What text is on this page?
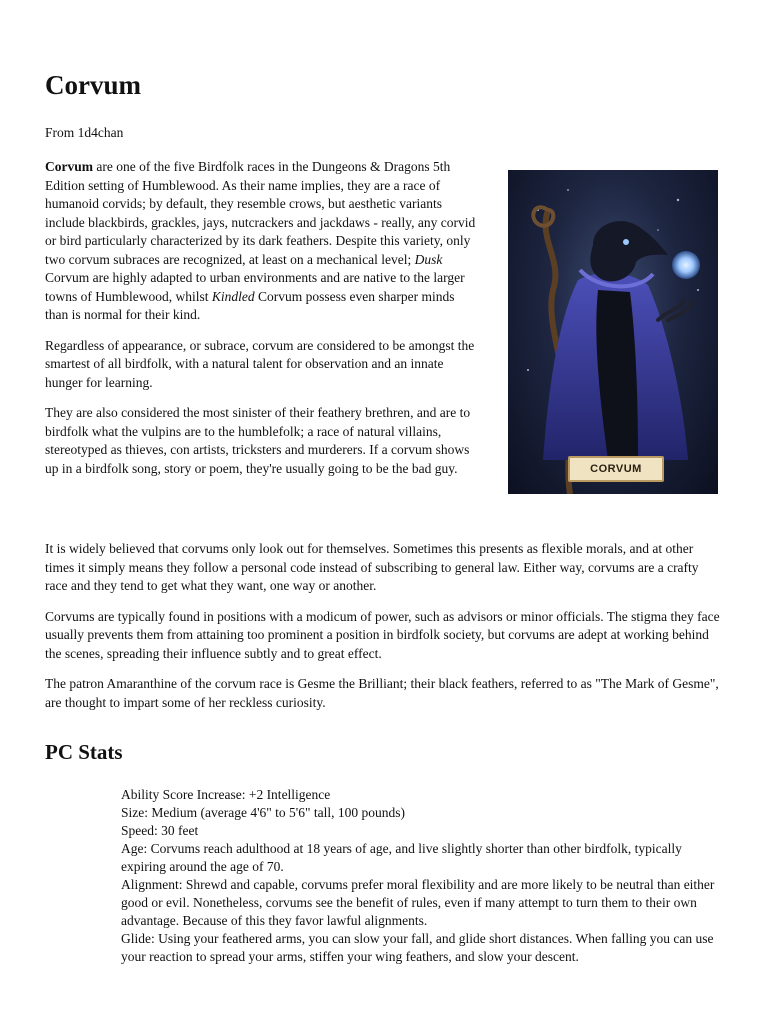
Corvum
From 1d4chan

Corvum are one of the five Birdfolk races in the Dungeons & Dragons 5th Edition setting of Humblewood. As their name implies, they are a race of humanoid corvids; by default, they resemble crows, but aesthetic variants include blackbirds, grackles, jays, nutcrackers and jackdaws - really, any corvid or bird particularly characterized by its dark feathers. Despite this variety, only two corvum subraces are recognized, at least on a mechanical level; Dusk Corvum are highly adapted to urban environments and are native to the larger towns of Humblewood, whilst Kindled Corvum possess even sharper minds than is normal for their kind.

Regardless of appearance, or subrace, corvum are considered to be amongst the smartest of all birdfolk, with a natural talent for observation and an innate hunger for learning.

They are also considered the most sinister of their feathery brethren, and are to birdfolk what the vulpins are to the humblefolk; a race of natural villains, stereotyped as thieves, con artists, tricksters and murderers. If a corvum shows up in a birdfolk song, story or poem, they're usually going to be the bad guy.

It is widely believed that corvums only look out for themselves. Sometimes this presents as flexible morals, and at other times it simply means they follow a personal code instead of subscribing to general law. Either way, corvums are a crafty race and they tend to get what they want, one way or another.

Corvums are typically found in positions with a modicum of power, such as advisors or minor officials. The stigma they face usually prevents them from attaining too prominent a position in birdfolk society, but corvums are adept at working behind the scenes, spreading their influence subtly and to great effect.

The patron Amaranthine of the corvum race is Gesme the Brilliant; their black feathers, referred to as "The Mark of Gesme", are thought to impart some of her reckless curiosity.

PC Stats
Ability Score Increase: +2 Intelligence
Size: Medium (average 4'6" to 5'6" tall, 100 pounds)
Speed: 30 feet
Age: Corvums reach adulthood at 18 years of age, and live slightly shorter than other birdfolk, typically expiring around the age of 70.
Alignment: Shrewd and capable, corvums prefer moral flexibility and are more likely to be neutral than either good or evil. Nonetheless, corvums see the benefit of rules, even if many attempt to turn them to their own advantage. Because of this they favor lawful alignments.
Glide: Using your feathered arms, you can slow your fall, and glide short distances. When falling you can use your reaction to spread your arms, stiffen your wing feathers, and slow your descent.
CORVUM
